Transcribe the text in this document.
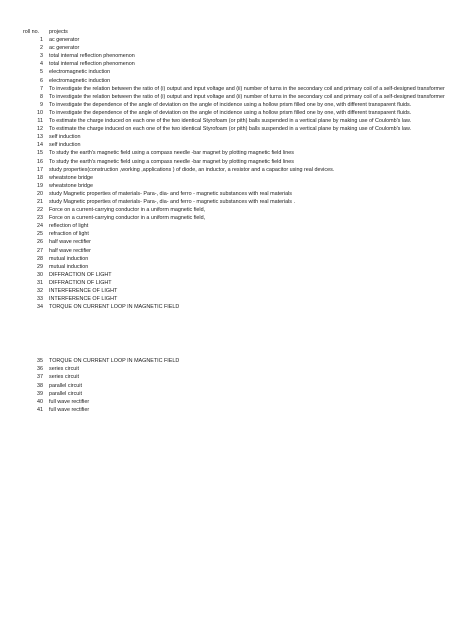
roll no. projects
1 ac generator
2 ac generator
3 total internal reflection phenomenon
4 total internal reflection phenomenon
5 electromagnetic induction
6 electromagnetic induction
7 To investigate the relation between the ratio of (i) output and input voltage and (ii) number of turns in the secondary coil and primary coil of a self-designed transformer
8 To investigate the relation between the ratio of (i) output and input voltage and (ii) number of turns in the secondary coil and primary coil of a self-designed transformer
9 To investigate the dependence of the angle of deviation on the angle of incidence using a hollow prism filled one by one, with different transparent fluids.
10 To investigate the dependence of the angle of deviation on the angle of incidence using a hollow prism filled one by one, with different transparent fluids.
11 To estimate the charge induced on each one of the two identical Styrofoam (or pith) balls suspended in a vertical plane by making use of Coulomb's law.
12 To estimate the charge induced on each one of the two identical Styrofoam (or pith) balls suspended in a vertical plane by making use of Coulomb's law.
13 self induction
14 self induction
15 To study the earth's magnetic field using a compass needle -bar magnet by plotting magnetic field lines
16 To study the earth's magnetic field using a compass needle -bar magnet by plotting magnetic field lines
17 study properties(construction ,working ,applications ) of diode, an inductor, a resistor and a capacitor using real devices.
18 wheatstone bridge
19 wheatstone bridge
20 study Magnetic properties of materials- Para-, dia- and ferro - magnetic substances with real materials
21 study Magnetic properties of materials- Para-, dia- and ferro - magnetic substances with real materials .
22 Force on a current-carrying conductor in a uniform magnetic field,
23 Force on a current-carrying conductor in a uniform magnetic field,
24 reflection of light
25 refraction of light
26 half wave rectifier
27 half wave rectifier
28 mutual induction
29 mutual induction
30 DIFFRACTION OF LIGHT
31 DIFFRACTION OF LIGHT
32 INTERFERENCE OF LIGHT
33 INTERFERENCE OF LIGHT
34 TORQUE ON CURRENT LOOP IN MAGNETIC FIELD
35 TORQUE ON CURRENT LOOP IN MAGNETIC FIELD
36 series circuit
37 series circuit
38 parallel circuit
39 parallel circuit
40 full wave rectifier
41 full wave rectifier
